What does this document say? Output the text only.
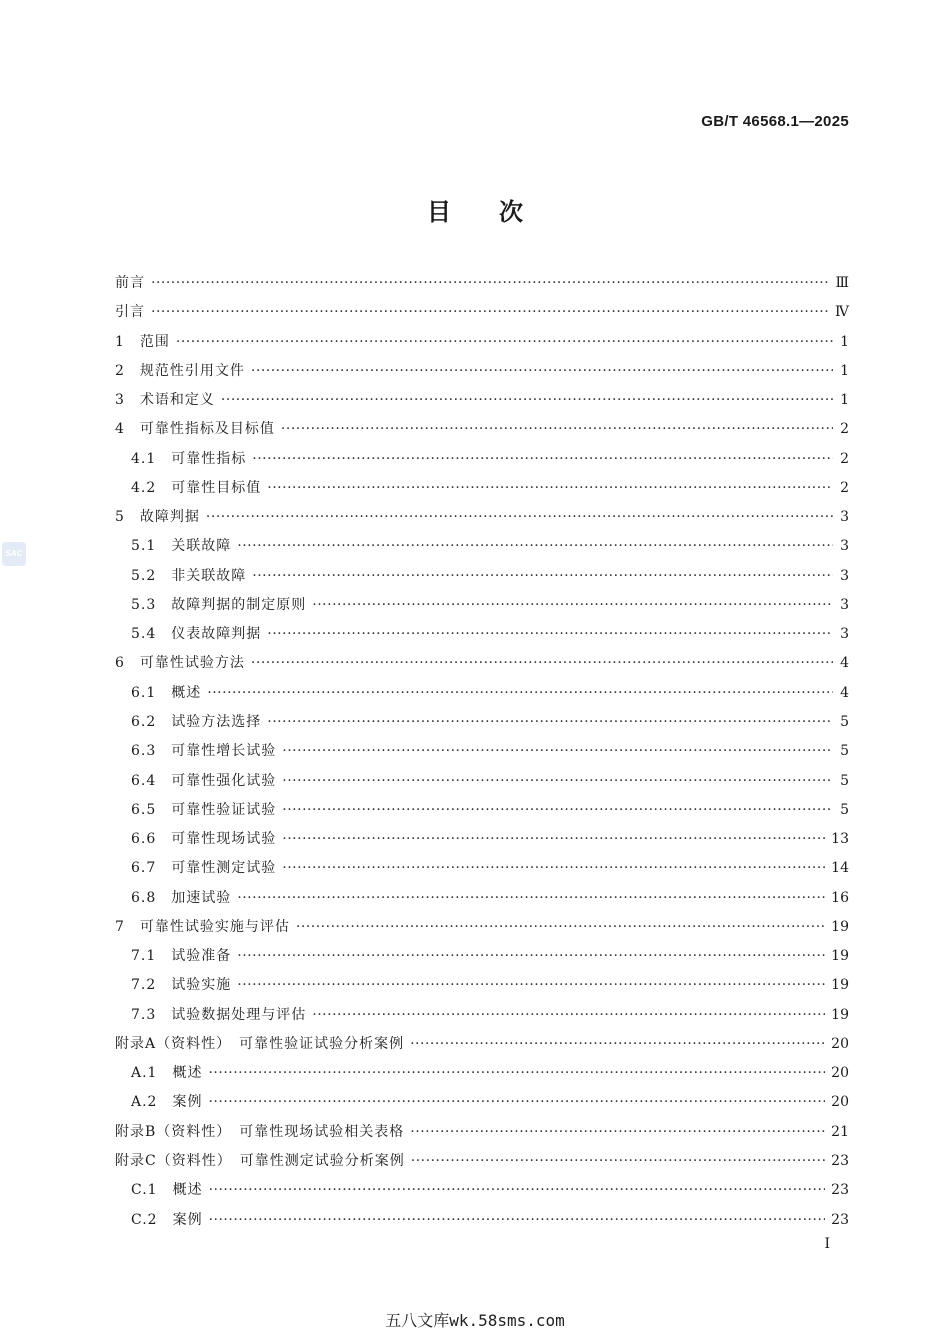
GB/T 46568.1—2025
目次
SAC
前言 ·····	Ⅲ
引言 ·····	Ⅳ
1　范围 ·····	1
2　规范性引用文件 ·····	1
3　术语和定义 ·····	1
4　可靠性指标及目标值 ·····	2
4.1　可靠性指标 ·····	2
4.2　可靠性目标值 ·····	2
5　故障判据 ·····	3
5.1　关联故障 ·····	3
5.2　非关联故障 ·····	3
5.3　故障判据的制定原则 ·····	3
5.4　仪表故障判据 ·····	3
6　可靠性试验方法 ·····	4
6.1　概述 ·····	4
6.2　试验方法选择 ·····	5
6.3　可靠性增长试验 ·····	5
6.4　可靠性强化试验 ·····	5
6.5　可靠性验证试验 ·····	5
6.6　可靠性现场试验 ·····	13
6.7　可靠性测定试验 ·····	14
6.8　加速试验 ·····	16
7　可靠性试验实施与评估 ·····	19
7.1　试验准备 ·····	19
7.2　试验实施 ·····	19
7.3　试验数据处理与评估 ·····	19
附录A（资料性）　可靠性验证试验分析案例 ·····	20
A.1　概述 ·····	20
A.2　案例 ·····	20
附录B（资料性）　可靠性现场试验相关表格 ·····	21
附录C（资料性）　可靠性测定试验分析案例 ·····	23
C.1　概述 ·····	23
C.2　案例 ·····	23
I
五八文库wk.58sms.com
